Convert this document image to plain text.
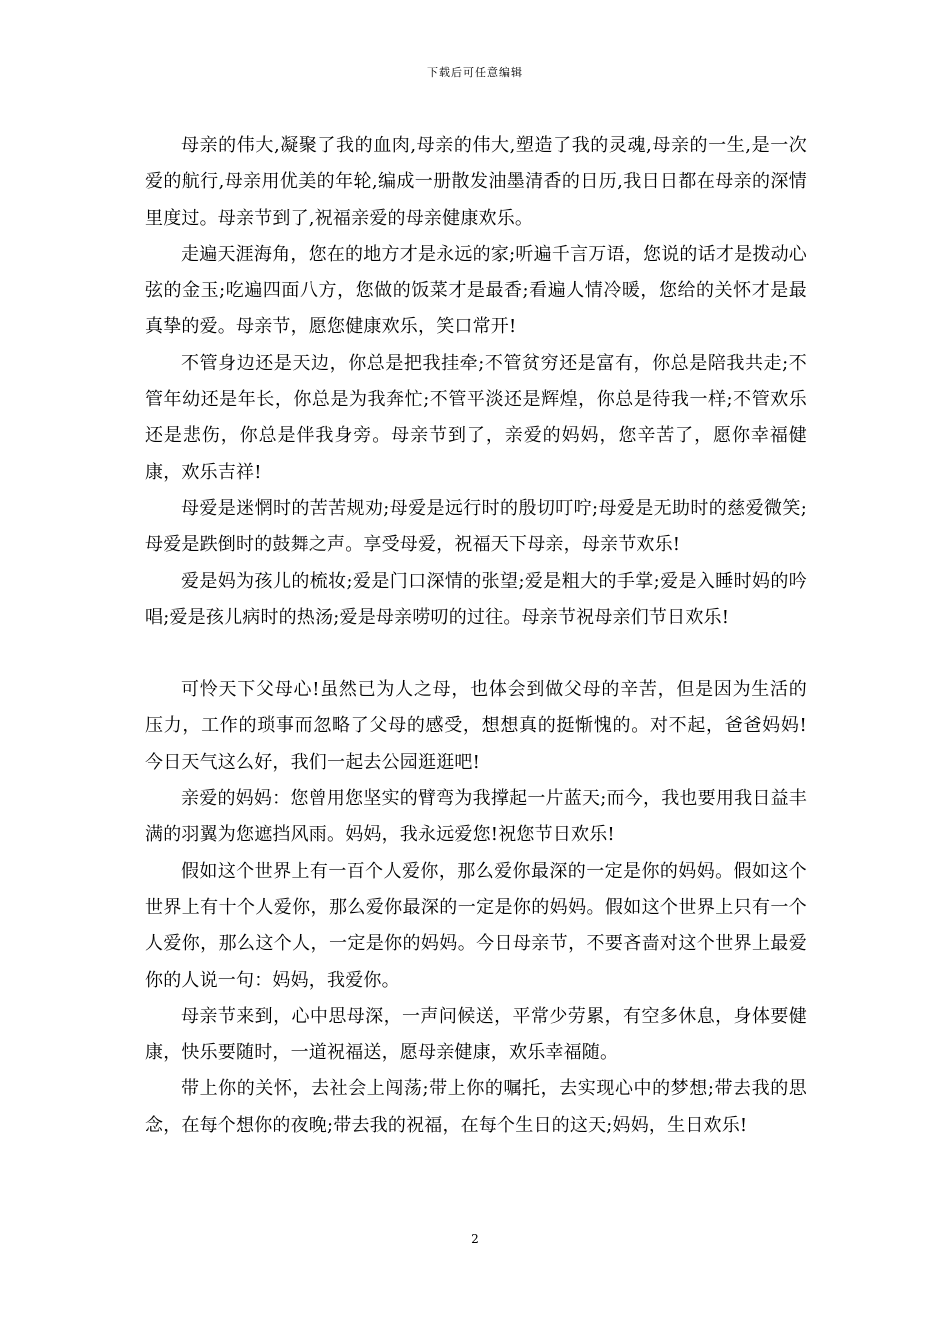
下载后可任意编辑

母亲的伟大,凝聚了我的血肉,母亲的伟大,塑造了我的灵魂,母亲的一生,是一次爱的航行,母亲用优美的年轮,编成一册散发油墨清香的日历,我日日都在母亲的深情里度过。母亲节到了,祝福亲爱的母亲健康欢乐。

走遍天涯海角，您在的地方才是永远的家;听遍千言万语，您说的话才是拨动心弦的金玉;吃遍四面八方，您做的饭菜才是最香;看遍人情冷暖，您给的关怀才是最真挚的爱。母亲节，愿您健康欢乐，笑口常开!

不管身边还是天边，你总是把我挂牵;不管贫穷还是富有，你总是陪我共走;不管年幼还是年长，你总是为我奔忙;不管平淡还是辉煌，你总是待我一样;不管欢乐还是悲伤，你总是伴我身旁。母亲节到了，亲爱的妈妈，您辛苦了，愿你幸福健康，欢乐吉祥!

母爱是迷惘时的苦苦规劝;母爱是远行时的殷切叮咛;母爱是无助时的慈爱微笑;母爱是跌倒时的鼓舞之声。享受母爱，祝福天下母亲，母亲节欢乐!

爱是妈为孩儿的梳妆;爱是门口深情的张望;爱是粗大的手掌;爱是入睡时妈的吟唱;爱是孩儿病时的热汤;爱是母亲唠叨的过往。母亲节祝母亲们节日欢乐!

可怜天下父母心!虽然已为人之母，也体会到做父母的辛苦，但是因为生活的压力，工作的琐事而忽略了父母的感受，想想真的挺惭愧的。对不起，爸爸妈妈!今日天气这么好，我们一起去公园逛逛吧!

亲爱的妈妈：您曾用您坚实的臂弯为我撑起一片蓝天;而今，我也要用我日益丰满的羽翼为您遮挡风雨。妈妈，我永远爱您!祝您节日欢乐!

假如这个世界上有一百个人爱你，那么爱你最深的一定是你的妈妈。假如这个世界上有十个人爱你，那么爱你最深的一定是你的妈妈。假如这个世界上只有一个人爱你，那么这个人，一定是你的妈妈。今日母亲节，不要吝啬对这个世界上最爱你的人说一句：妈妈，我爱你。

母亲节来到，心中思母深，一声问候送，平常少劳累，有空多休息，身体要健康，快乐要随时，一道祝福送，愿母亲健康，欢乐幸福随。

带上你的关怀，去社会上闯荡;带上你的嘱托，去实现心中的梦想;带去我的思念，在每个想你的夜晚;带去我的祝福，在每个生日的这天;妈妈，生日欢乐!

2
